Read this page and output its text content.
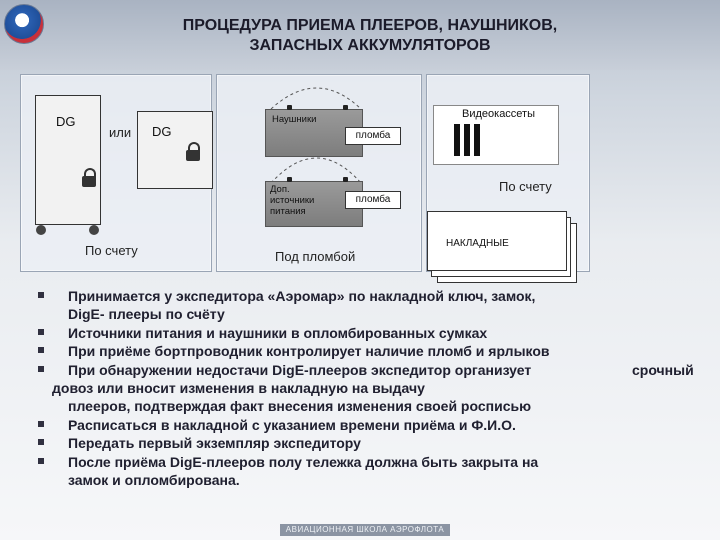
ПРОЦЕДУРА ПРИЕМА ПЛЕЕРОВ, НАУШНИКОВ,
ЗАПАСНЫХ АККУМУЛЯТОРОВ
DG
или DG
По счету
Наушники
пломба
Доп.
источники
питания
пломба
Под пломбой
Видеокассеты
По счету
НАКЛАДНЫЕ
Принимается у экспедитора «Аэромар» по накладной ключ, замок,
DigE- плееры по счёту
Источники питания и наушники в опломбированных сумках
При приёме бортпроводник контролирует наличие пломб и ярлыков
При обнаружении недостачи DigE-плееров экспедитор организует	срочный
довоз или вносит изменения в накладную на выдачу
плееров, подтверждая факт внесения изменения своей росписью
Расписаться в накладной с указанием времени приёма и Ф.И.О.
Передать первый экземпляр экспедитору
После приёма DigE-плееров полу тележка должна быть закрыта на
замок и опломбирована.
АВИАЦИОННАЯ ШКОЛА АЭРОФЛОТА
